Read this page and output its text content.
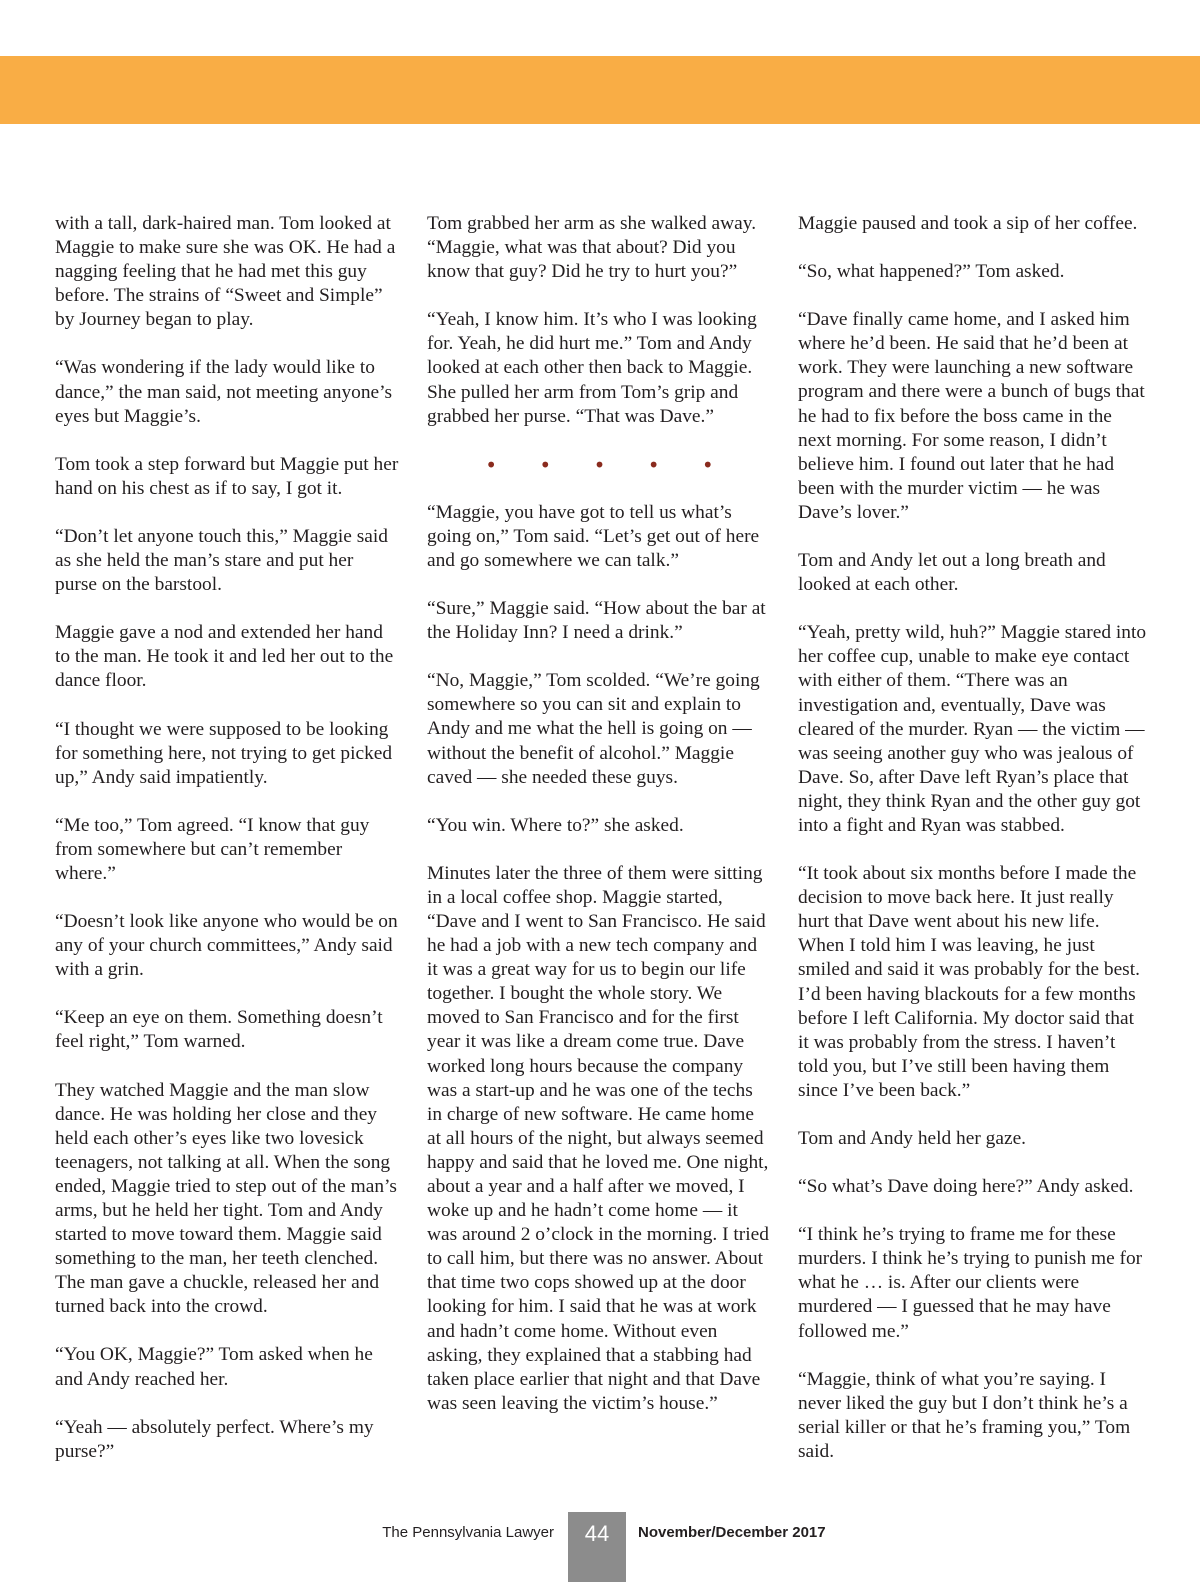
with a tall, dark-haired man. Tom looked at Maggie to make sure she was OK. He had a nagging feeling that he had met this guy before. The strains of “Sweet and Simple” by Journey began to play.

“Was wondering if the lady would like to dance,” the man said, not meeting anyone’s eyes but Maggie’s.

Tom took a step forward but Maggie put her hand on his chest as if to say, I got it.

“Don’t let anyone touch this,” Maggie said as she held the man’s stare and put her purse on the barstool.

Maggie gave a nod and extended her hand to the man. He took it and led her out to the dance floor.

“I thought we were supposed to be looking for something here, not trying to get picked up,” Andy said impatiently.

“Me too,” Tom agreed. “I know that guy from somewhere but can’t remember where.”

“Doesn’t look like anyone who would be on any of your church committees,” Andy said with a grin.

“Keep an eye on them. Something doesn’t feel right,” Tom warned.

They watched Maggie and the man slow dance. He was holding her close and they held each other’s eyes like two lovesick teenagers, not talking at all. When the song ended, Maggie tried to step out of the man’s arms, but he held her tight. Tom and Andy started to move toward them. Maggie said something to the man, her teeth clenched. The man gave a chuckle, released her and turned back into the crowd.

“You OK, Maggie?” Tom asked when he and Andy reached her.

“Yeah — absolutely perfect. Where’s my purse?”

Tom grabbed her arm as she walked away. “Maggie, what was that about? Did you know that guy? Did he try to hurt you?”

“Yeah, I know him. It’s who I was looking for. Yeah, he did hurt me.” Tom and Andy looked at each other then back to Maggie. She pulled her arm from Tom’s grip and grabbed her purse. “That was Dave.”

• • • • •

“Maggie, you have got to tell us what’s going on,” Tom said. “Let’s get out of here and go somewhere we can talk.”

“Sure,” Maggie said. “How about the bar at the Holiday Inn? I need a drink.”

“No, Maggie,” Tom scolded. “We’re going somewhere so you can sit and explain to Andy and me what the hell is going on — without the benefit of alcohol.” Maggie caved — she needed these guys.

“You win. Where to?” she asked.

Minutes later the three of them were sitting in a local coffee shop. Maggie started, “Dave and I went to San Francisco. He said he had a job with a new tech company and it was a great way for us to begin our life together. I bought the whole story. We moved to San Francisco and for the first year it was like a dream come true. Dave worked long hours because the company was a start-up and he was one of the techs in charge of new software. He came home at all hours of the night, but always seemed happy and said that he loved me. One night, about a year and a half after we moved, I woke up and he hadn’t come home — it was around 2 o’clock in the morning. I tried to call him, but there was no answer. About that time two cops showed up at the door looking for him. I said that he was at work and hadn’t come home. Without even asking, they explained that a stabbing had taken place earlier that night and that Dave was seen leaving the victim’s house.”

Maggie paused and took a sip of her coffee.

“So, what happened?” Tom asked.

“Dave finally came home, and I asked him where he’d been. He said that he’d been at work. They were launching a new software program and there were a bunch of bugs that he had to fix before the boss came in the next morning. For some reason, I didn’t believe him. I found out later that he had been with the murder victim — he was Dave’s lover.”

Tom and Andy let out a long breath and looked at each other.

“Yeah, pretty wild, huh?” Maggie stared into her coffee cup, unable to make eye contact with either of them. “There was an investigation and, eventually, Dave was cleared of the murder. Ryan — the victim — was seeing another guy who was jealous of Dave. So, after Dave left Ryan’s place that night, they think Ryan and the other guy got into a fight and Ryan was stabbed.

“It took about six months before I made the decision to move back here. It just really hurt that Dave went about his new life. When I told him I was leaving, he just smiled and said it was probably for the best. I’d been having blackouts for a few months before I left California. My doctor said that it was probably from the stress. I haven’t told you, but I’ve still been having them since I’ve been back.”

Tom and Andy held her gaze.

“So what’s Dave doing here?” Andy asked.

“I think he’s trying to frame me for these murders. I think he’s trying to punish me for what he … is. After our clients were murdered — I guessed that he may have followed me.”

“Maggie, think of what you’re saying. I never liked the guy but I don’t think he’s a serial killer or that he’s framing you,” Tom said.

The Pennsylvania Lawyer	44	November/December 2017
